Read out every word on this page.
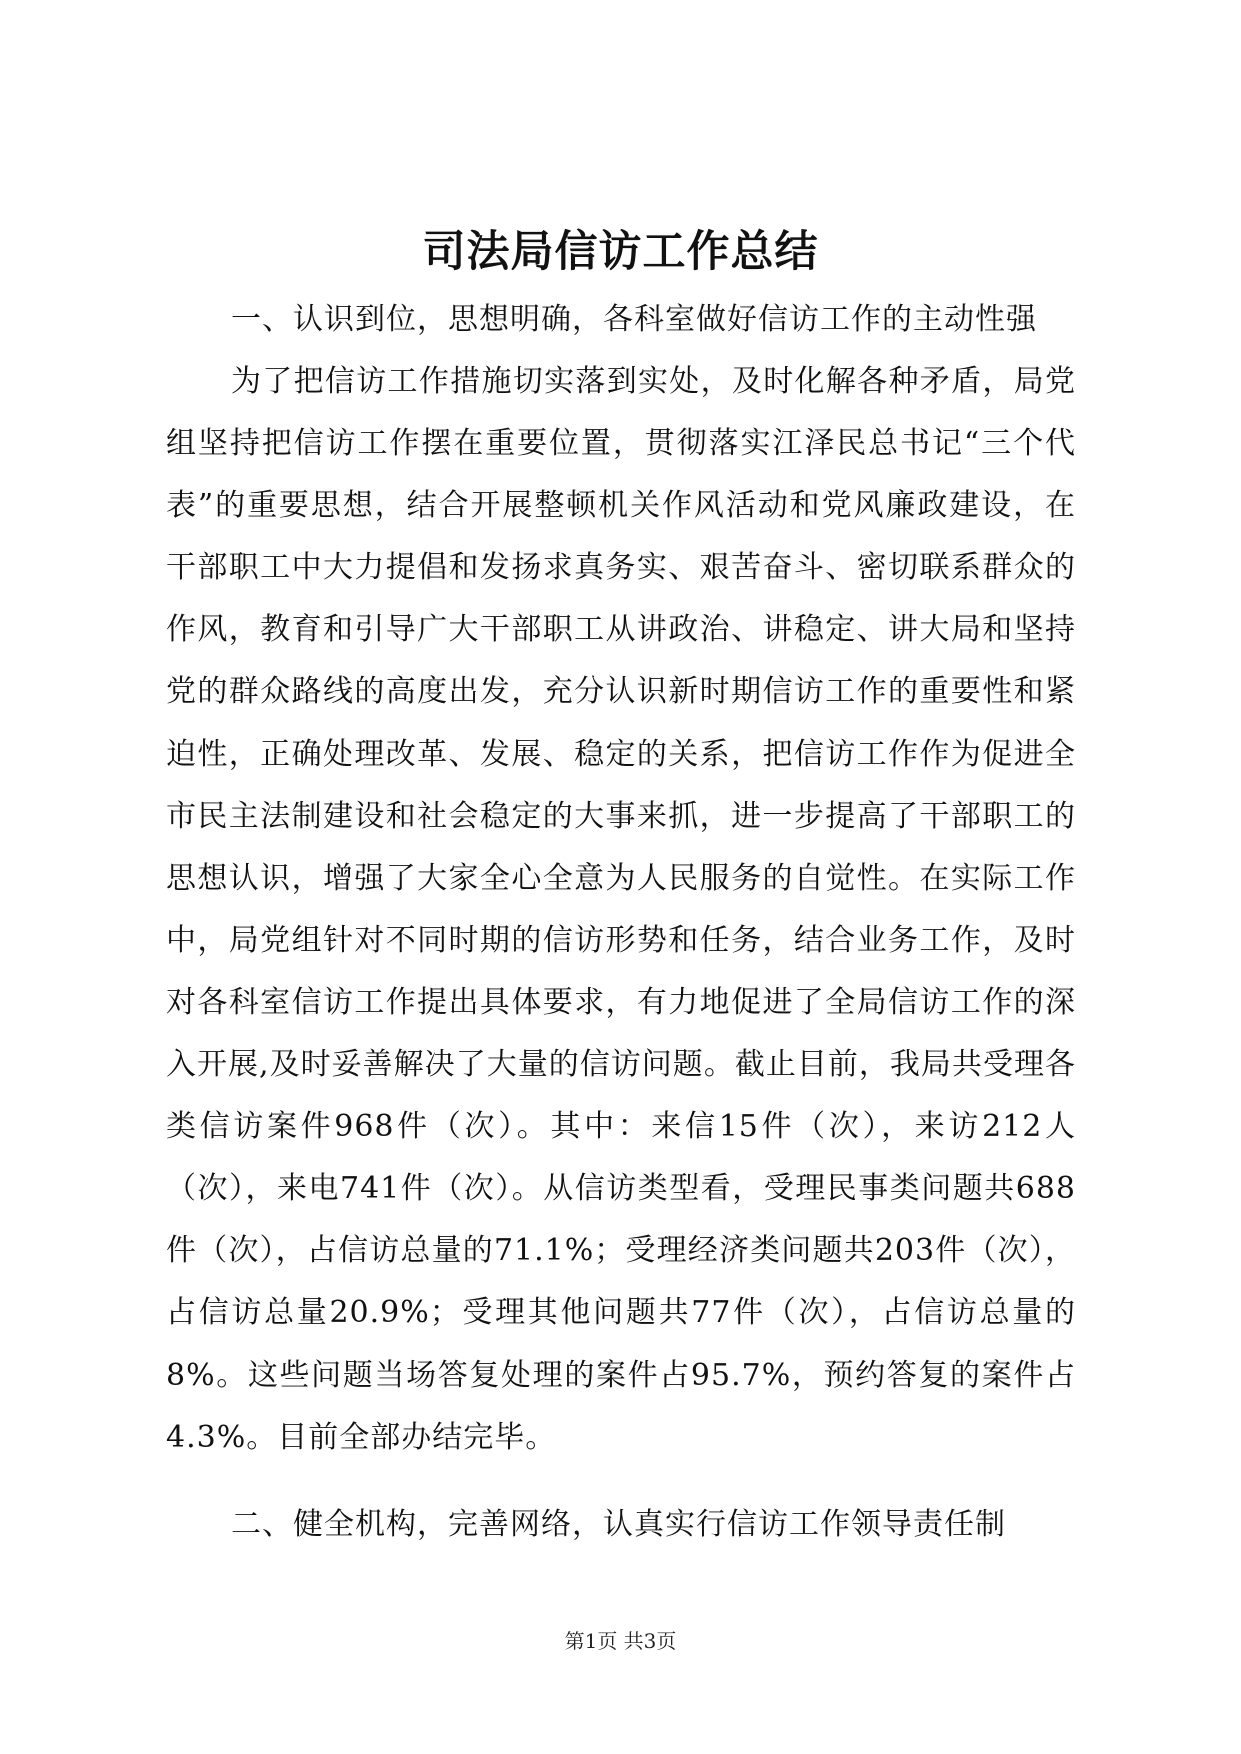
司法局信访工作总结

一、认识到位，思想明确，各科室做好信访工作的主动性强

为了把信访工作措施切实落到实处，及时化解各种矛盾，局党组坚持把信访工作摆在重要位置，贯彻落实江泽民总书记“三个代表”的重要思想，结合开展整顿机关作风活动和党风廉政建设，在干部职工中大力提倡和发扬求真务实、艰苦奋斗、密切联系群众的作风，教育和引导广大干部职工从讲政治、讲稳定、讲大局和坚持党的群众路线的高度出发，充分认识新时期信访工作的重要性和紧迫性，正确处理改革、发展、稳定的关系，把信访工作作为促进全市民主法制建设和社会稳定的大事来抓，进一步提高了干部职工的思想认识，增强了大家全心全意为人民服务的自觉性。在实际工作中，局党组针对不同时期的信访形势和任务，结合业务工作，及时对各科室信访工作提出具体要求，有力地促进了全局信访工作的深入开展,及时妥善解决了大量的信访问题。截止目前，我局共受理各类信访案件968件（次）。其中：来信15件（次），来访212人（次），来电741件（次）。从信访类型看，受理民事类问题共688件（次），占信访总量的71.1%；受理经济类问题共203件（次），占信访总量20.9%；受理其他问题共77件（次），占信访总量的8%。这些问题当场答复处理的案件占95.7%，预约答复的案件占4.3%。目前全部办结完毕。

二、健全机构，完善网络，认真实行信访工作领导责任制

第1页 共3页
